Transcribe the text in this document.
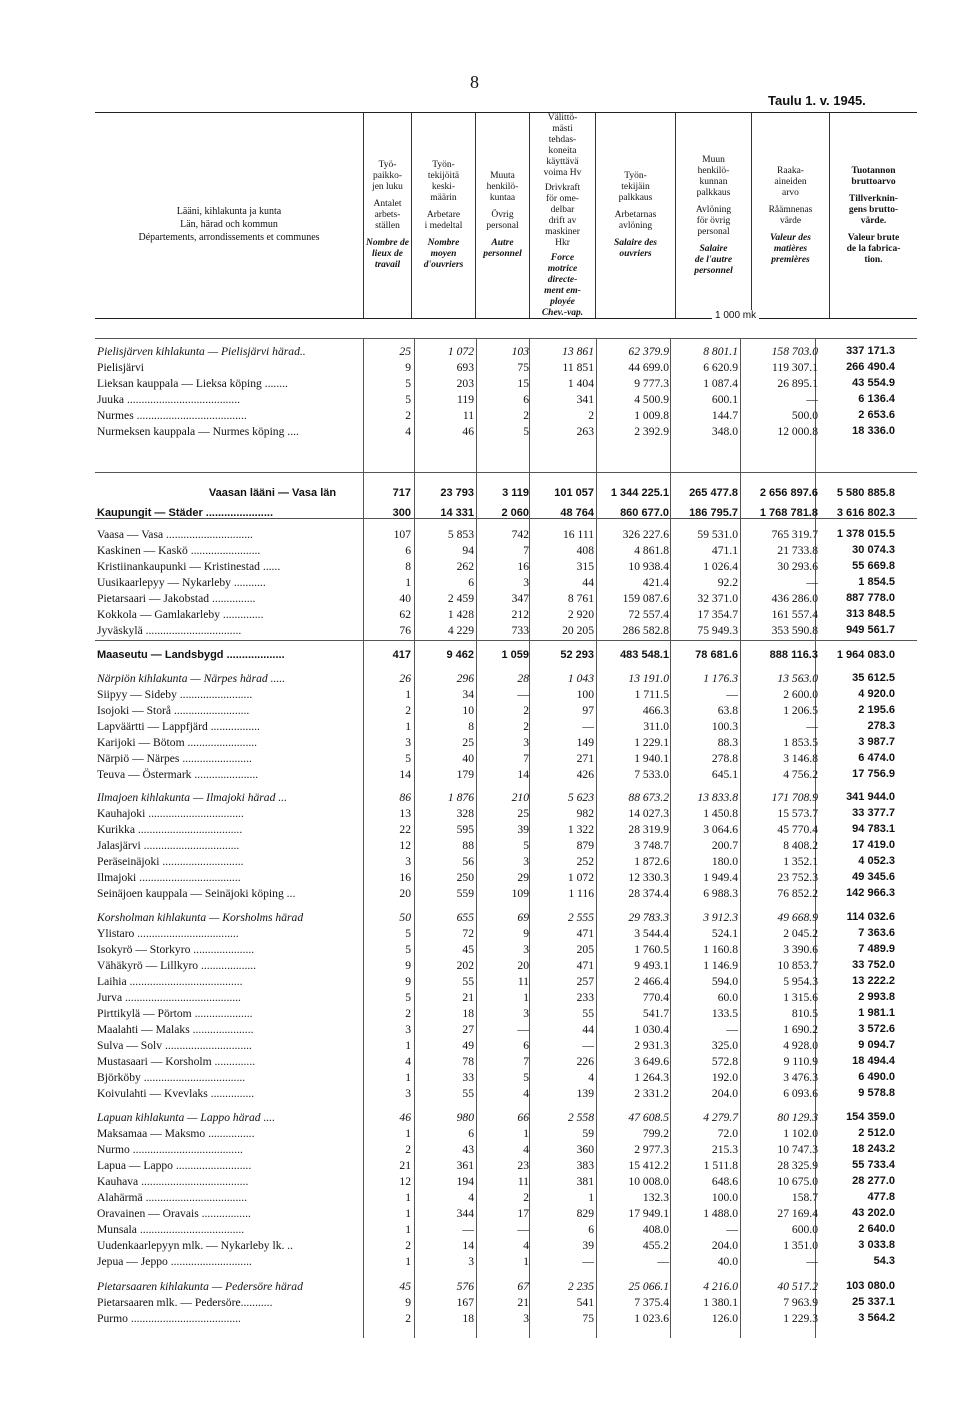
8
Taulu 1. v. 1945.
Lääni, kihlakunta ja kunta
Län, härad och kommun
Départements, arrondissements et communes
Työ-
paikko-
jen luku
Antalet
arbets-
ställen
Nombre de
lieux de
travail
Työn-
tekijöitä
keski-
määrin
Arbetare
i medeltal
Nombre
moyen
d'ouvriers
Muuta
henkilö-
kuntaa
Övrig
personal
Autre
personnel
Välittö-
mästi
tehdas-
koneita
käyttävä
voima Hv
Drivkraft
för ome-
delbar
drift av
maskiner
Hkr
Force
motrice
directe-
ment em-
ployée
Chev.-vap.
Työn-
tekijäin
palkkaus
Arbetarnas
avlöning
Salaire des
ouvriers
Muun
henkilö-
kunnan
palkkaus
Avlöning
för övrig
personal
Salaire
de l'autre
personnel
Raaka-
aineiden
arvo
Råämnenas
värde
Valeur des
matières
premières
Tuotannon
bruttoarvo
Tillverknin-
gens brutto-
värde.
Valeur brute
de la fabrica-
tion.
1 000 mk
Pielisjärven kihlakunta — Pielisjärvi härad..	25	1 072	103	13 861	62 379.9	8 801.1	158 703.0	337 171.3
Pielisjärvi	9	693	75	11 851	44 699.0	6 620.9	119 307.1	266 490.4
Lieksan kauppala — Lieksa köping ........	5	203	15	1 404	9 777.3	1 087.4	26 895.1	43 554.9
Juuka .......................................	5	119	6	341	4 500.9	600.1	—	6 136.4
Nurmes ......................................	2	11	2	2	1 009.8	144.7	500.0	2 653.6
Nurmeksen kauppala — Nurmes köping ....	4	46	5	263	2 392.9	348.0	12 000.8	18 336.0
Vaasan lääni — Vasa län	717	23 793	3 119	101 057	1 344 225.1	265 477.8	2 656 897.6	5 580 885.8
Kaupungit — Städer ......................	300	14 331	2 060	48 764	860 677.0	186 795.7	1 768 781.8	3 616 802.3
Vaasa — Vasa ..............................	107	5 853	742	16 111	326 227.6	59 531.0	765 319.7	1 378 015.5
Kaskinen — Kaskö ........................	6	94	7	408	4 861.8	471.1	21 733.8	30 074.3
Kristiinankaupunki — Kristinestad ......	8	262	16	315	10 938.4	1 026.4	30 293.6	55 669.8
Uusikaarlepyy — Nykarleby ...........	1	6	3	44	421.4	92.2	—	1 854.5
Pietarsaari — Jakobstad ...............	40	2 459	347	8 761	159 087.6	32 371.0	436 286.0	887 778.0
Kokkola — Gamlakarleby ..............	62	1 428	212	2 920	72 557.4	17 354.7	161 557.4	313 848.5
Jyväskylä .................................	76	4 229	733	20 205	286 582.8	75 949.3	353 590.8	949 561.7
Maaseutu — Landsbygd ...................	417	9 462	1 059	52 293	483 548.1	78 681.6	888 116.3	1 964 083.0
Närpiön kihlakunta — Närpes härad .....	26	296	28	1 043	13 191.0	1 176.3	13 563.0	35 612.5
Siipyy — Sideby .........................	1	34	—	100	1 711.5	—	2 600.0	4 920.0
Isojoki — Storå ..........................	2	10	2	97	466.3	63.8	1 206.5	2 195.6
Lapväärtti — Lappfjärd .................	1	8	2	—	311.0	100.3	—	278.3
Karijoki — Bötom ........................	3	25	3	149	1 229.1	88.3	1 853.5	3 987.7
Närpiö — Närpes ........................	5	40	7	271	1 940.1	278.8	3 146.8	6 474.0
Teuva — Östermark ......................	14	179	14	426	7 533.0	645.1	4 756.2	17 756.9
Ilmajoen kihlakunta — Ilmajoki härad ...	86	1 876	210	5 623	88 673.2	13 833.8	171 708.9	341 944.0
Kauhajoki .................................	13	328	25	982	14 027.3	1 450.8	15 573.7	33 377.7
Kurikka ....................................	22	595	39	1 322	28 319.9	3 064.6	45 770.4	94 783.1
Jalasjärvi .................................	12	88	5	879	3 748.7	200.7	8 408.2	17 419.0
Peräseinäjoki ............................	3	56	3	252	1 872.6	180.0	1 352.1	4 052.3
Ilmajoki ...................................	16	250	29	1 072	12 330.3	1 949.4	23 752.3	49 345.6
Seinäjoen kauppala — Seinäjoki köping ...	20	559	109	1 116	28 374.4	6 988.3	76 852.2	142 966.3
Korsholman kihlakunta — Korsholms härad	50	655	69	2 555	29 783.3	3 912.3	49 668.9	114 032.6
Ylistaro ...................................	5	72	9	471	3 544.4	524.1	2 045.2	7 363.6
Isokyrö — Storkyro .....................	5	45	3	205	1 760.5	1 160.8	3 390.6	7 489.9
Vähäkyrö — Lillkyro ...................	9	202	20	471	9 493.1	1 146.9	10 853.7	33 752.0
Laihia .......................................	9	55	11	257	2 466.4	594.0	5 954.3	13 222.2
Jurva ........................................	5	21	1	233	770.4	60.0	1 315.6	2 993.8
Pirttikylä — Pörtom ....................	2	18	3	55	541.7	133.5	810.5	1 981.1
Maalahti — Malaks .....................	3	27	—	44	1 030.4	—	1 690.2	3 572.6
Sulva — Solv ..............................	1	49	6	—	2 931.3	325.0	4 928.0	9 094.7
Mustasaari — Korsholm ..............	4	78	7	226	3 649.6	572.8	9 110.9	18 494.4
Björköby ...................................	1	33	5	4	1 264.3	192.0	3 476.3	6 490.0
Koivulahti — Kvevlaks ...............	3	55	4	139	2 331.2	204.0	6 093.6	9 578.8
Lapuan kihlakunta — Lappo härad ....	46	980	66	2 558	47 608.5	4 279.7	80 129.3	154 359.0
Maksamaa — Maksmo ................	1	6	1	59	799.2	72.0	1 102.0	2 512.0
Nurmo ......................................	2	43	4	360	2 977.3	215.3	10 747.3	18 243.2
Lapua — Lappo ..........................	21	361	23	383	15 412.2	1 511.8	28 325.9	55 733.4
Kauhava .....................................	12	194	11	381	10 008.0	648.6	10 675.0	28 277.0
Alahärmä ...................................	1	4	2	1	132.3	100.0	158.7	477.8
Oravainen — Oravais .................	1	344	17	829	17 949.1	1 488.0	27 169.4	43 202.0
Munsala ....................................	1	—	—	6	408.0	—	600.0	2 640.0
Uudenkaarlepyyn mlk. — Nykarleby lk. ..	2	14	4	39	455.2	204.0	1 351.0	3 033.8
Jepua — Jeppo ............................	1	3	1	—	—	40.0	—	54.3
Pietarsaaren kihlakunta — Pedersöre härad	45	576	67	2 235	25 066.1	4 216.0	40 517.2	103 080.0
Pietarsaaren mlk. — Pedersöre...........	9	167	21	541	7 375.4	1 380.1	7 963.9	25 337.1
Purmo ......................................	2	18	3	75	1 023.6	126.0	1 229.3	3 564.2
